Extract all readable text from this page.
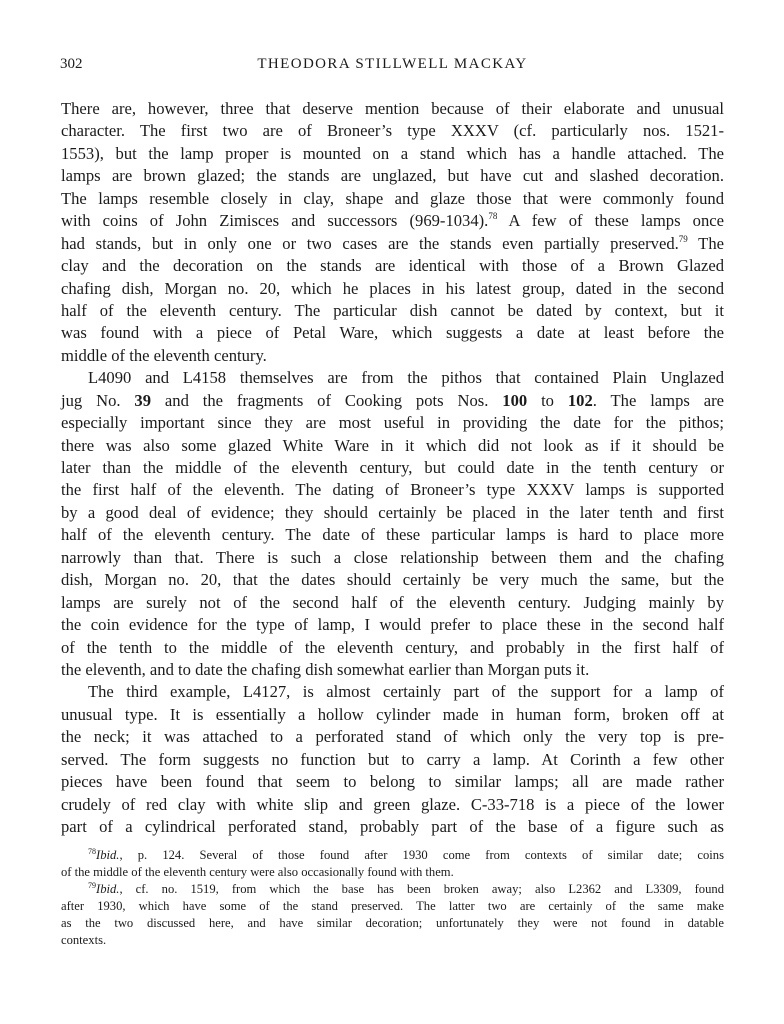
302	THEODORA STILLWELL MACKAY

There are, however, three that deserve mention because of their elaborate and unusual
character. The first two are of Broneer’s type XXXV (cf. particularly nos. 1521-
1553), but the lamp proper is mounted on a stand which has a handle attached. The
lamps are brown glazed; the stands are unglazed, but have cut and slashed decoration.
The lamps resemble closely in clay, shape and glaze those that were commonly found
with coins of John Zimisces and successors (969-1034).$^{78}$ A few of these lamps once
had stands, but in only one or two cases are the stands even partially preserved.$^{79}$ The
clay and the decoration on the stands are identical with those of a Brown Glazed
chafing dish, Morgan no. 20, which he places in his latest group, dated in the second
half of the eleventh century. The particular dish cannot be dated by context, but it
was found with a piece of Petal Ware, which suggests a date at least before the
middle of the eleventh century.

L4090 and L4158 themselves are from the pithos that contained Plain Unglazed
jug No. 39 and the fragments of Cooking pots Nos. 100 to 102. The lamps are
especially important since they are most useful in providing the date for the pithos;
there was also some glazed White Ware in it which did not look as if it should be
later than the middle of the eleventh century, but could date in the tenth century or
the first half of the eleventh. The dating of Broneer’s type XXXV lamps is supported
by a good deal of evidence; they should certainly be placed in the later tenth and first
half of the eleventh century. The date of these particular lamps is hard to place more
narrowly than that. There is such a close relationship between them and the chafing
dish, Morgan no. 20, that the dates should certainly be very much the same, but the
lamps are surely not of the second half of the eleventh century. Judging mainly by
the coin evidence for the type of lamp, I would prefer to place these in the second half
of the tenth to the middle of the eleventh century, and probably in the first half of
the eleventh, and to date the chafing dish somewhat earlier than Morgan puts it.

The third example, L4127, is almost certainly part of the support for a lamp of
unusual type. It is essentially a hollow cylinder made in human form, broken off at
the neck; it was attached to a perforated stand of which only the very top is pre-
served. The form suggests no function but to carry a lamp. At Corinth a few other
pieces have been found that seem to belong to similar lamps; all are made rather
crudely of red clay with white slip and green glaze. C-33-718 is a piece of the lower
part of a cylindrical perforated stand, probably part of the base of a figure such as

$^{78}$Ibid., p. 124. Several of those found after 1930 come from contexts of similar date; coins
of the middle of the eleventh century were also occasionally found with them.
$^{79}$Ibid., cf. no. 1519, from which the base has been broken away; also L2362 and L3309, found
after 1930, which have some of the stand preserved. The latter two are certainly of the same make
as the two discussed here, and have similar decoration; unfortunately they were not found in datable
contexts.
